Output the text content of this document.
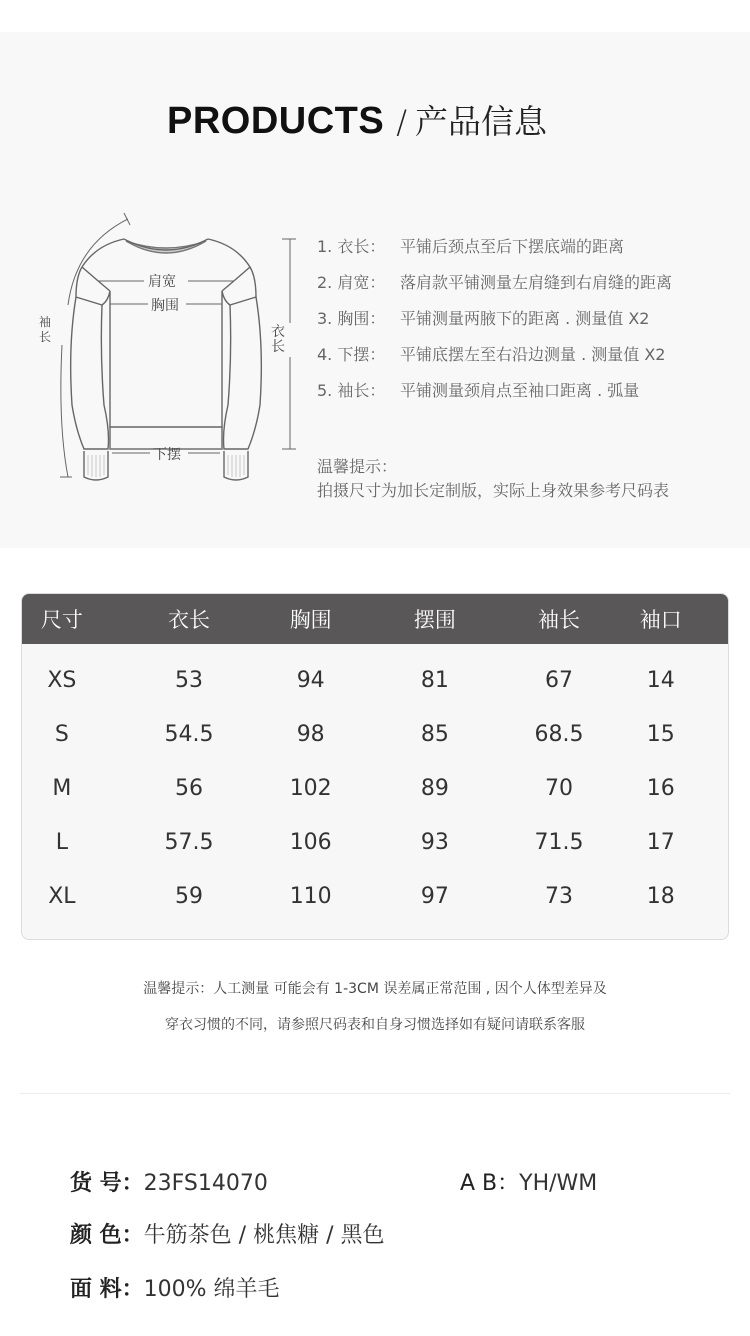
PRODUCTS / 产品信息
肩宽
胸围
下摆
衣长
袖长
1. 衣长： 平铺后颈点至后下摆底端的距离
2. 肩宽： 落肩款平铺测量左肩缝到右肩缝的距离
3. 胸围： 平铺测量两腋下的距离 . 测量值 X2
4. 下摆： 平铺底摆左至右沿边测量 . 测量值 X2
5. 袖长： 平铺测量颈肩点至袖口距离 . 弧量
温馨提示：
拍摄尺寸为加长定制版，实际上身效果参考尺码表
尺寸	衣长	胸围	摆围	袖长	袖口
XS	53	94	81	67	14
S	54.5	98	85	68.5	15
M	56	102	89	70	16
L	57.5	106	93	71.5	17
XL	59	110	97	73	18
温馨提示：人工测量 可能会有 1-3CM 误差属正常范围 , 因个人体型差异及
穿衣习惯的不同，请参照尺码表和自身习惯选择如有疑问请联系客服
货 号： 23FS14070	A B： YH/WM
颜 色： 牛筋茶色 / 桃焦糖 / 黑色
面 料： 100% 绵羊毛
